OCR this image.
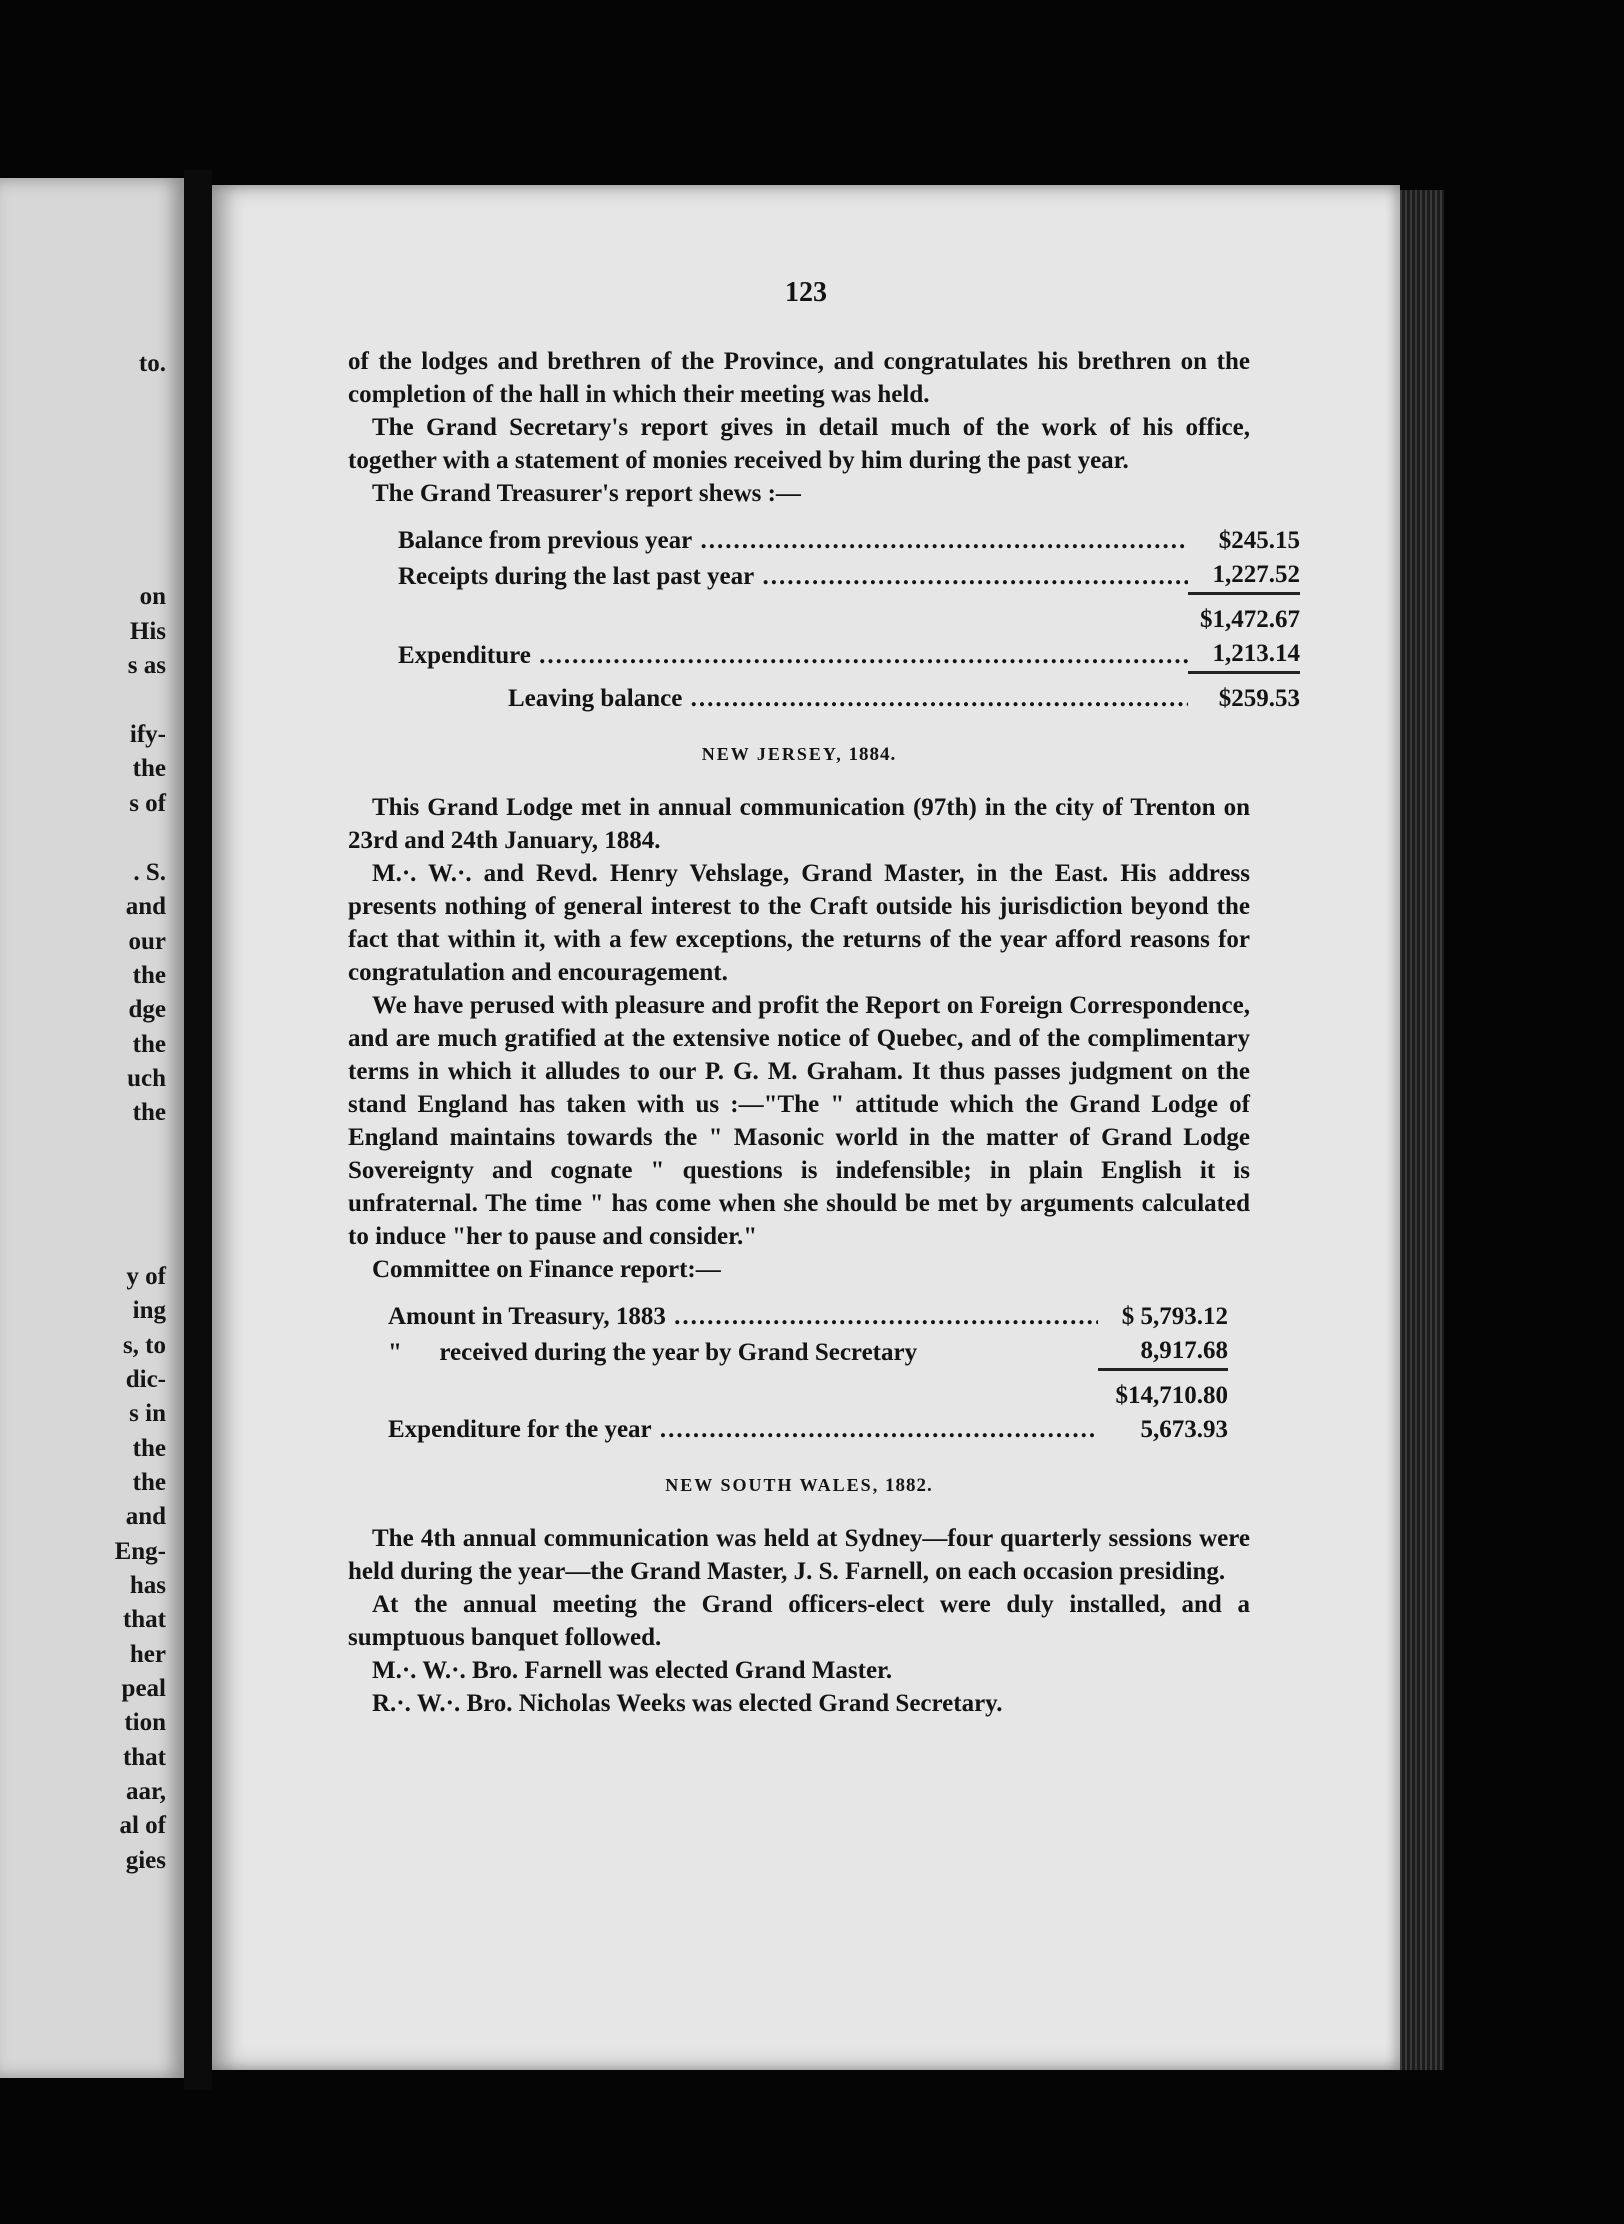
to.
on
His
s as
ify-
the
s of
. S.
and
our
the
dge
the
uch
the
y of
ing
s, to
dic-
s in
the
the
and
Eng-
has
that
her
peal
tion
that
aar,
al of
gies
123

of the lodges and brethren of the Province, and congratulates his brethren on the completion of the hall in which their meeting was held.

The Grand Secretary's report gives in detail much of the work of his office, together with a statement of monies received by him during the past year.

The Grand Treasurer's report shews :—

Balance from previous year .....	$245.15
Receipts during the last past year .....	1,227.52
	$1,472.67
Expenditure .....	1,213.14
Leaving balance .....	$259.53
NEW JERSEY, 1884.

This Grand Lodge met in annual communication (97th) in the city of Trenton on 23rd and 24th January, 1884.

M.·. W.·. and Revd. Henry Vehslage, Grand Master, in the East. His address presents nothing of general interest to the Craft outside his jurisdiction beyond the fact that within it, with a few exceptions, the returns of the year afford reasons for congratulation and encouragement.

We have perused with pleasure and profit the Report on Foreign Correspondence, and are much gratified at the extensive notice of Quebec, and of the complimentary terms in which it alludes to our P. G. M. Graham. It thus passes judgment on the stand England has taken with us :—"The " attitude which the Grand Lodge of England maintains towards the " Masonic world in the matter of Grand Lodge Sovereignty and cognate " questions is indefensible; in plain English it is unfraternal. The time " has come when she should be met by arguments calculated to induce "her to pause and consider."

Committee on Finance report:—

Amount in Treasury, 1883 .....	$ 5,793.12
"      received during the year by Grand Secretary	8,917.68
	$14,710.80
Expenditure for the year .....	5,673.93
NEW SOUTH WALES, 1882.

The 4th annual communication was held at Sydney—four quarterly sessions were held during the year—the Grand Master, J. S. Farnell, on each occasion presiding.

At the annual meeting the Grand officers-elect were duly installed, and a sumptuous banquet followed.

M.·. W.·. Bro. Farnell was elected Grand Master.

R.·. W.·. Bro. Nicholas Weeks was elected Grand Secretary.
